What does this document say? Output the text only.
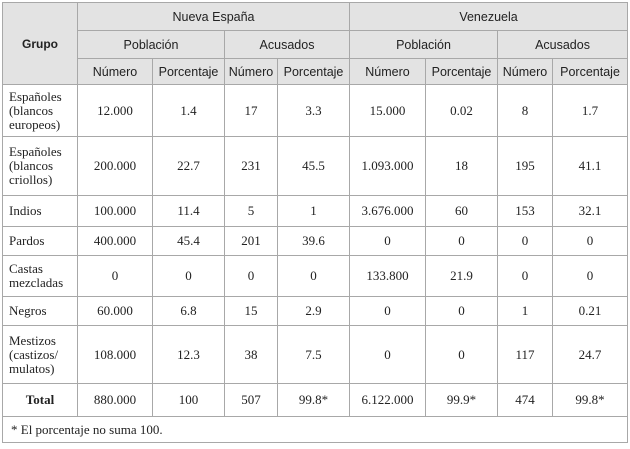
Grupo	Nueva España				Venezuela			
	Población		Acusados		Población		Acusados	
	Número	Porcentaje	Número	Porcentaje	Número	Porcentaje	Número	Porcentaje
Españoles (blancos europeos)	12.000	1.4	17	3.3	15.000	0.02	8	1.7
Españoles (blancos criollos)	200.000	22.7	231	45.5	1.093.000	18	195	41.1
Indios	100.000	11.4	5	1	3.676.000	60	153	32.1
Pardos	400.000	45.4	201	39.6	0	0	0	0
Castas mezcladas	0	0	0	0	133.800	21.9	0	0
Negros	60.000	6.8	15	2.9	0	0	1	0.21
Mestizos (castizos/ mulatos)	108.000	12.3	38	7.5	0	0	117	24.7
Total	880.000	100	507	99.8*	6.122.000	99.9*	474	99.8*
* El porcentaje no suma 100.								
